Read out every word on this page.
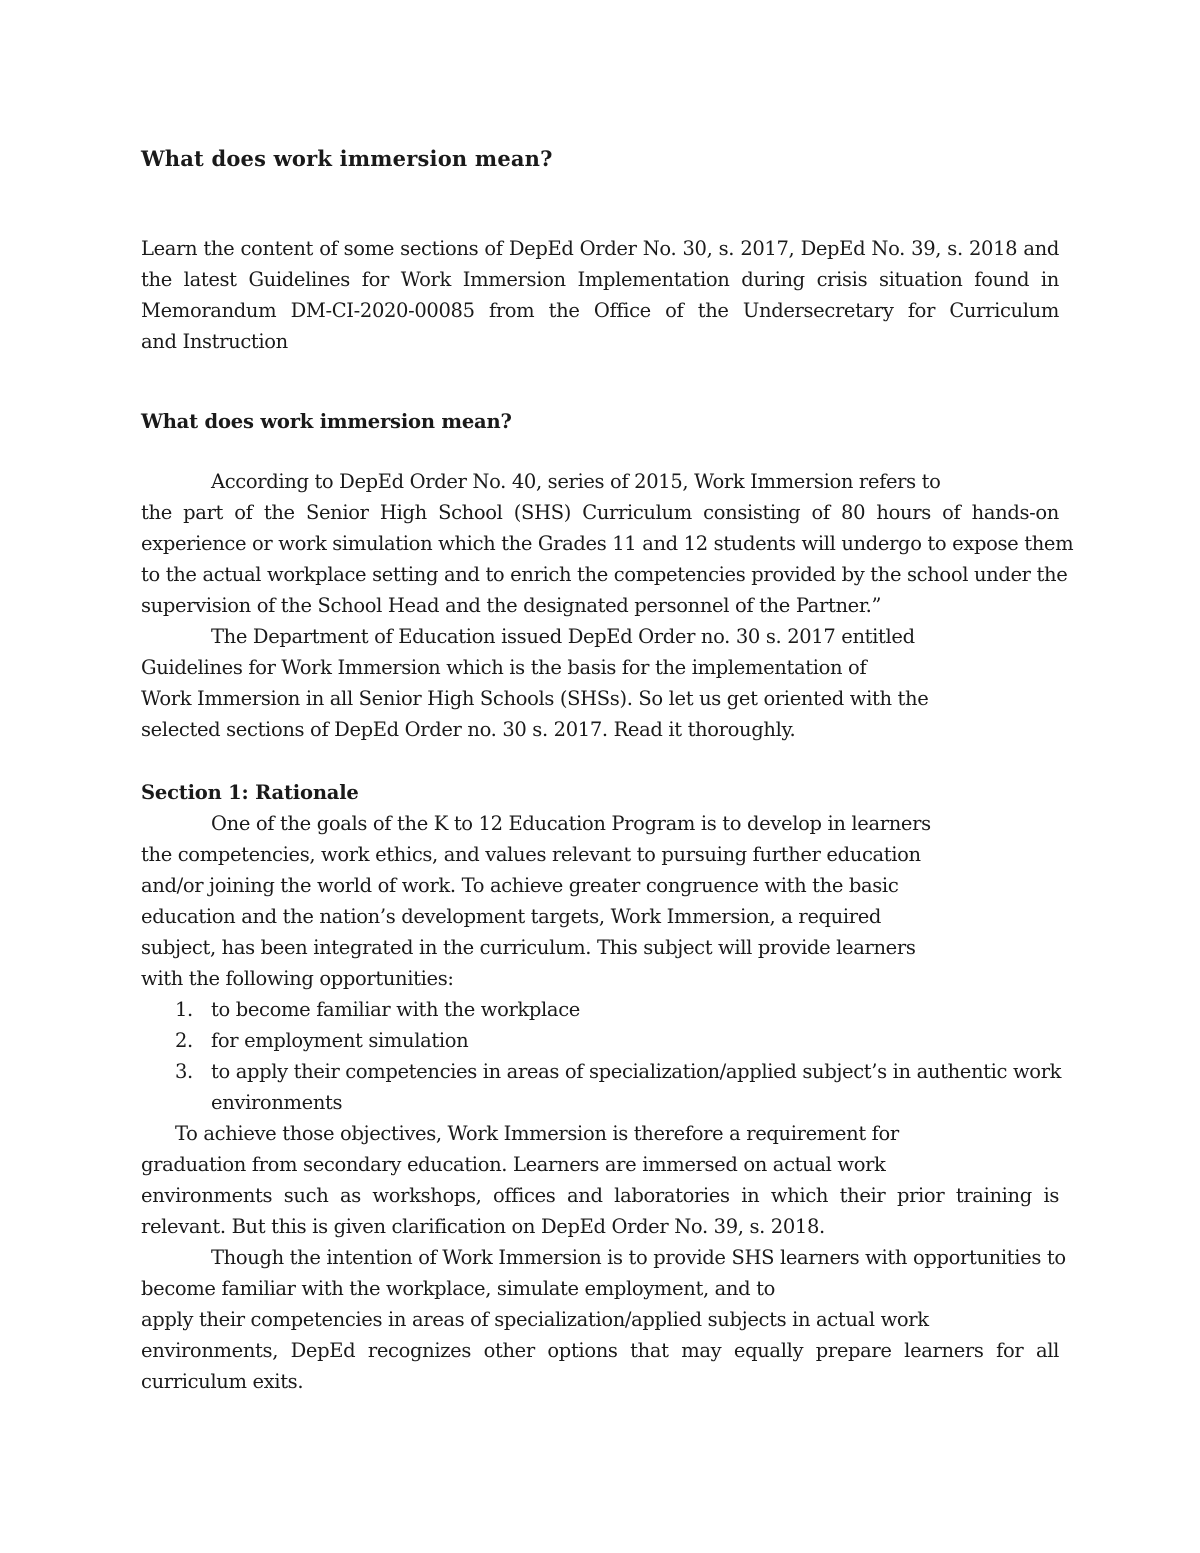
What does work immersion mean?
Learn the content of some sections of DepEd Order No. 30, s. 2017, DepEd No. 39, s. 2018 and
the latest Guidelines for Work Immersion Implementation during crisis situation found in
Memorandum DM-CI-2020-00085 from the Office of the Undersecretary for Curriculum
and Instruction
What does work immersion mean?
According to DepEd Order No. 40, series of 2015, Work Immersion refers to
the part of the Senior High School (SHS) Curriculum consisting of 80 hours of hands-on
experience or work simulation which the Grades 11 and 12 students will undergo to expose them
to the actual workplace setting and to enrich the competencies provided by the school under the
supervision of the School Head and the designated personnel of the Partner.”
The Department of Education issued DepEd Order no. 30 s. 2017 entitled
Guidelines for Work Immersion which is the basis for the implementation of
Work Immersion in all Senior High Schools (SHSs). So let us get oriented with the
selected sections of DepEd Order no. 30 s. 2017. Read it thoroughly.
Section 1: Rationale
One of the goals of the K to 12 Education Program is to develop in learners
the competencies, work ethics, and values relevant to pursuing further education
and/or joining the world of work. To achieve greater congruence with the basic
education and the nation’s development targets, Work Immersion, a required
subject, has been integrated in the curriculum. This subject will provide learners
with the following opportunities:
1. to become familiar with the workplace
2. for employment simulation
3. to apply their competencies in areas of specialization/applied subject’s in authentic work
environments
To achieve those objectives, Work Immersion is therefore a requirement for
graduation from secondary education. Learners are immersed on actual work
environments such as workshops, offices and laboratories in which their prior training is
relevant. But this is given clarification on DepEd Order No. 39, s. 2018.
Though the intention of Work Immersion is to provide SHS learners with opportunities to
become familiar with the workplace, simulate employment, and to
apply their competencies in areas of specialization/applied subjects in actual work
environments, DepEd recognizes other options that may equally prepare learners for all
curriculum exits.
